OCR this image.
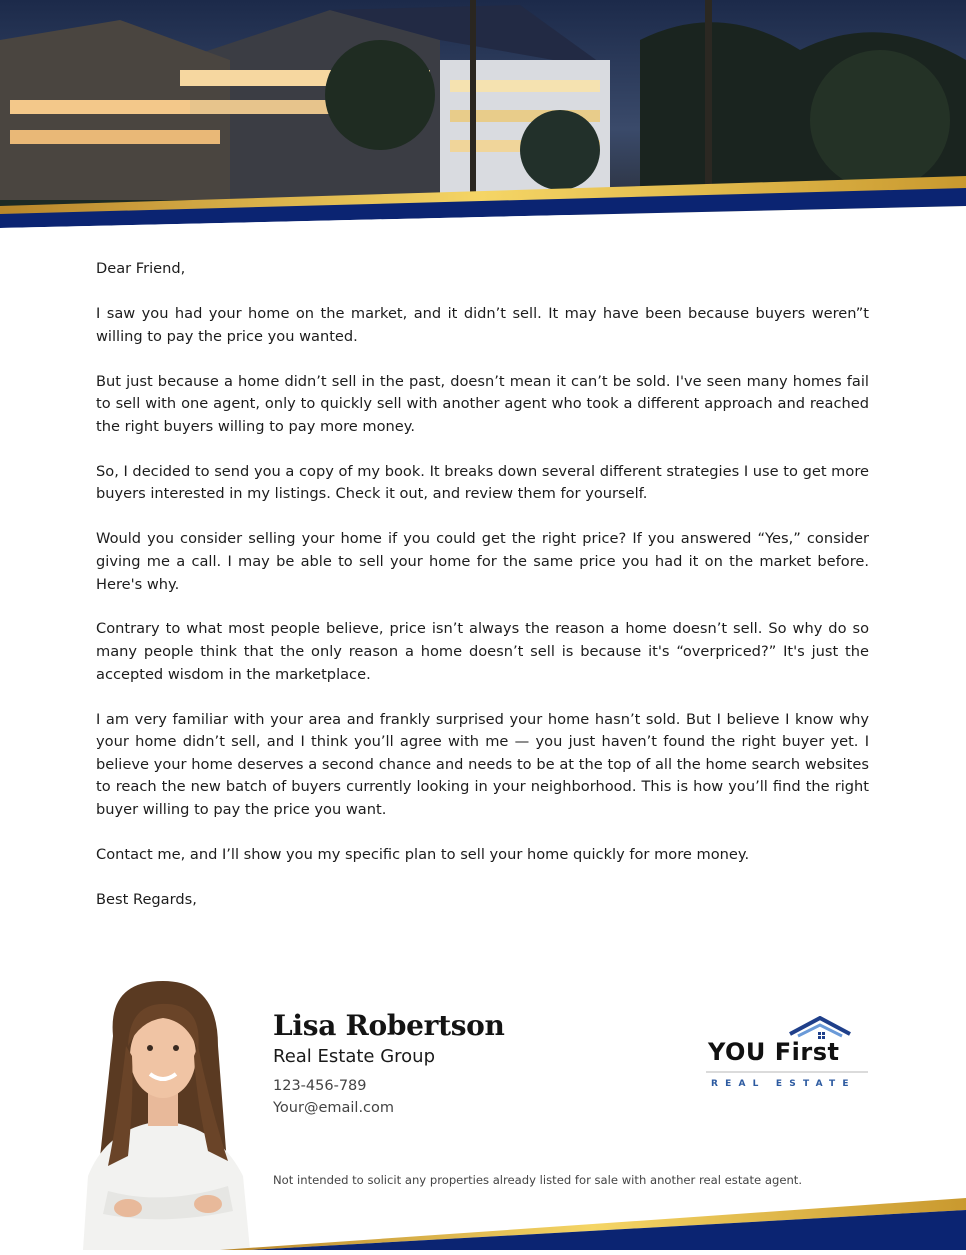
Dear Friend,

I saw you had your home on the market, and it didn’t sell. It may have been because buyers weren”t willing to pay the price you wanted.

But just because a home didn’t sell in the past, doesn’t mean it can’t be sold. I've seen many homes fail to sell with one agent, only to quickly sell with another agent who took a different approach and reached the right buyers willing to pay more money.

So, I decided to send you a copy of my book. It breaks down several different strategies I use to get more buyers interested in my listings. Check it out, and review them for yourself.

Would you consider selling your home if you could get the right price? If you answered “Yes,” consider giving me a call. I may be able to sell your home for the same price you had it on the market before. Here's why.

Contrary to what most people believe, price isn’t always the reason a home doesn’t sell. So why do so many people think that the only reason a home doesn’t sell is because it's “overpriced?” It's just the accepted wisdom in the marketplace.

I am very familiar with your area and frankly surprised your home hasn’t sold. But I believe I know why your home didn’t sell, and I think you’ll agree with me — you just haven’t found the right buyer yet. I believe your home deserves a second chance and needs to be at the top of all the home search websites to reach the new batch of buyers currently looking in your neighborhood. This is how you’ll find the right buyer willing to pay the price you want.

Contact me, and I’ll show you my specific plan to sell your home quickly for more money.

Best Regards,

Lisa Robertson
Real Estate Group
123-456-789
Your@email.com
YOU First
REAL ESTATE
Not intended to solicit any properties already listed for sale with another real estate agent.
